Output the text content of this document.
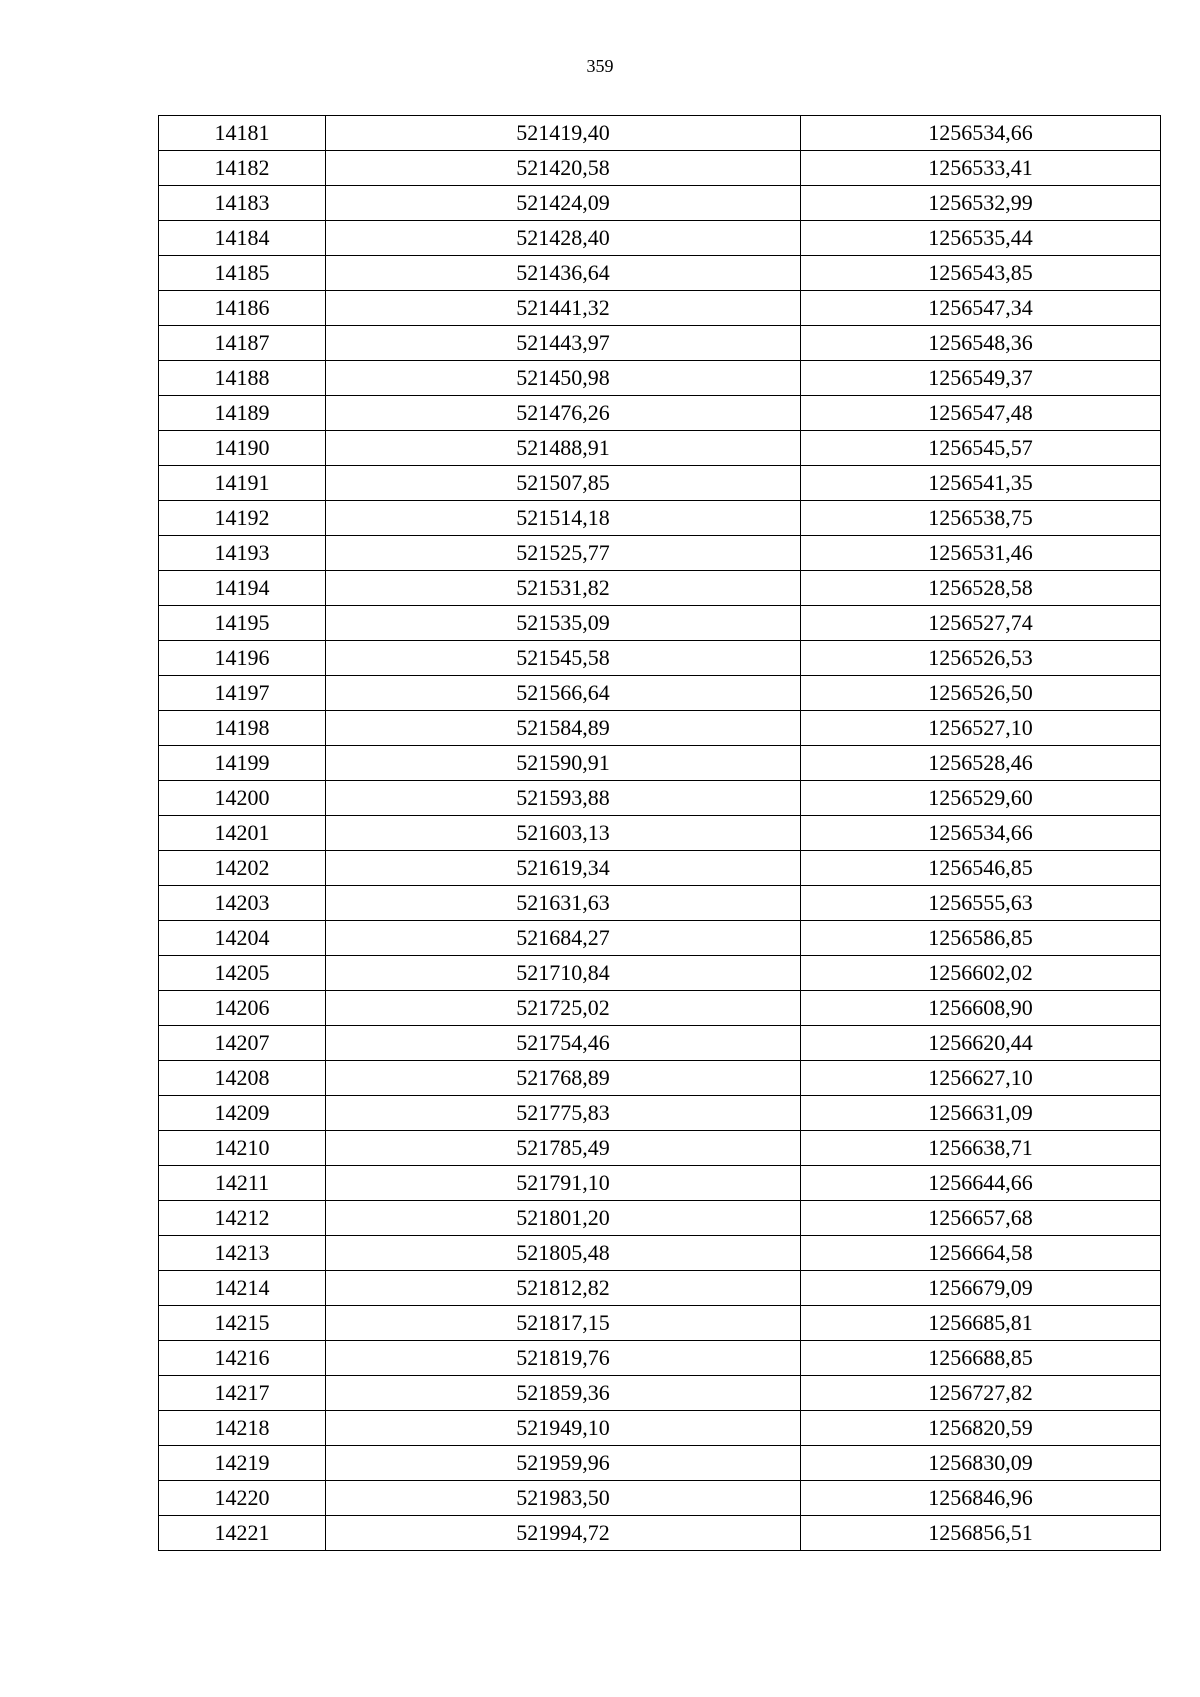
359
14181	521419,40	1256534,66
14182	521420,58	1256533,41
14183	521424,09	1256532,99
14184	521428,40	1256535,44
14185	521436,64	1256543,85
14186	521441,32	1256547,34
14187	521443,97	1256548,36
14188	521450,98	1256549,37
14189	521476,26	1256547,48
14190	521488,91	1256545,57
14191	521507,85	1256541,35
14192	521514,18	1256538,75
14193	521525,77	1256531,46
14194	521531,82	1256528,58
14195	521535,09	1256527,74
14196	521545,58	1256526,53
14197	521566,64	1256526,50
14198	521584,89	1256527,10
14199	521590,91	1256528,46
14200	521593,88	1256529,60
14201	521603,13	1256534,66
14202	521619,34	1256546,85
14203	521631,63	1256555,63
14204	521684,27	1256586,85
14205	521710,84	1256602,02
14206	521725,02	1256608,90
14207	521754,46	1256620,44
14208	521768,89	1256627,10
14209	521775,83	1256631,09
14210	521785,49	1256638,71
14211	521791,10	1256644,66
14212	521801,20	1256657,68
14213	521805,48	1256664,58
14214	521812,82	1256679,09
14215	521817,15	1256685,81
14216	521819,76	1256688,85
14217	521859,36	1256727,82
14218	521949,10	1256820,59
14219	521959,96	1256830,09
14220	521983,50	1256846,96
14221	521994,72	1256856,51
